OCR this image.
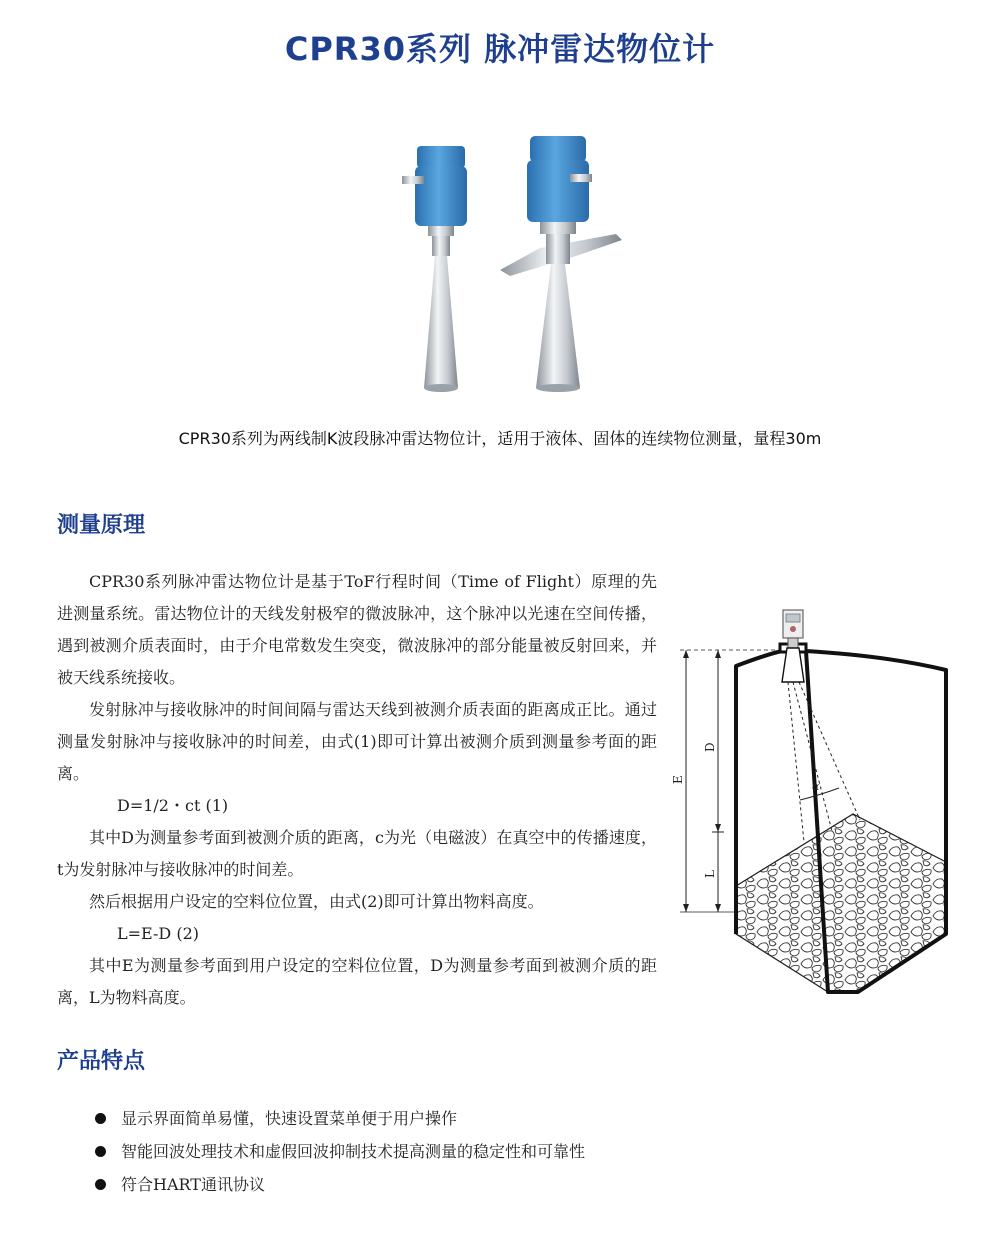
CPR30系列 脉冲雷达物位计
CPR30系列为两线制K波段脉冲雷达物位计，适用于液体、固体的连续物位测量，量程30m
测量原理

CPR30系列脉冲雷达物位计是基于ToF行程时间（Time of Flight）原理的先进测量系统。雷达物位计的天线发射极窄的微波脉冲，这个脉冲以光速在空间传播，遇到被测介质表面时，由于介电常数发生突变，微波脉冲的部分能量被反射回来，并被天线系统接收。

发射脉冲与接收脉冲的时间间隔与雷达天线到被测介质表面的距离成正比。通过测量发射脉冲与接收脉冲的时间差，由式(1)即可计算出被测介质到测量参考面的距离。

D=1/2・ct (1)

其中D为测量参考面到被测介质的距离，c为光（电磁波）在真空中的传播速度，t为发射脉冲与接收脉冲的时间差。

然后根据用户设定的空料位位置，由式(2)即可计算出物料高度。

L=E-D (2)

其中E为测量参考面到用户设定的空料位位置，D为测量参考面到被测介质的距离，L为物料高度。

α
E
D
L
产品特点
显示界面简单易懂，快速设置菜单便于用户操作
智能回波处理技术和虚假回波抑制技术提高测量的稳定性和可靠性
符合HART通讯协议
